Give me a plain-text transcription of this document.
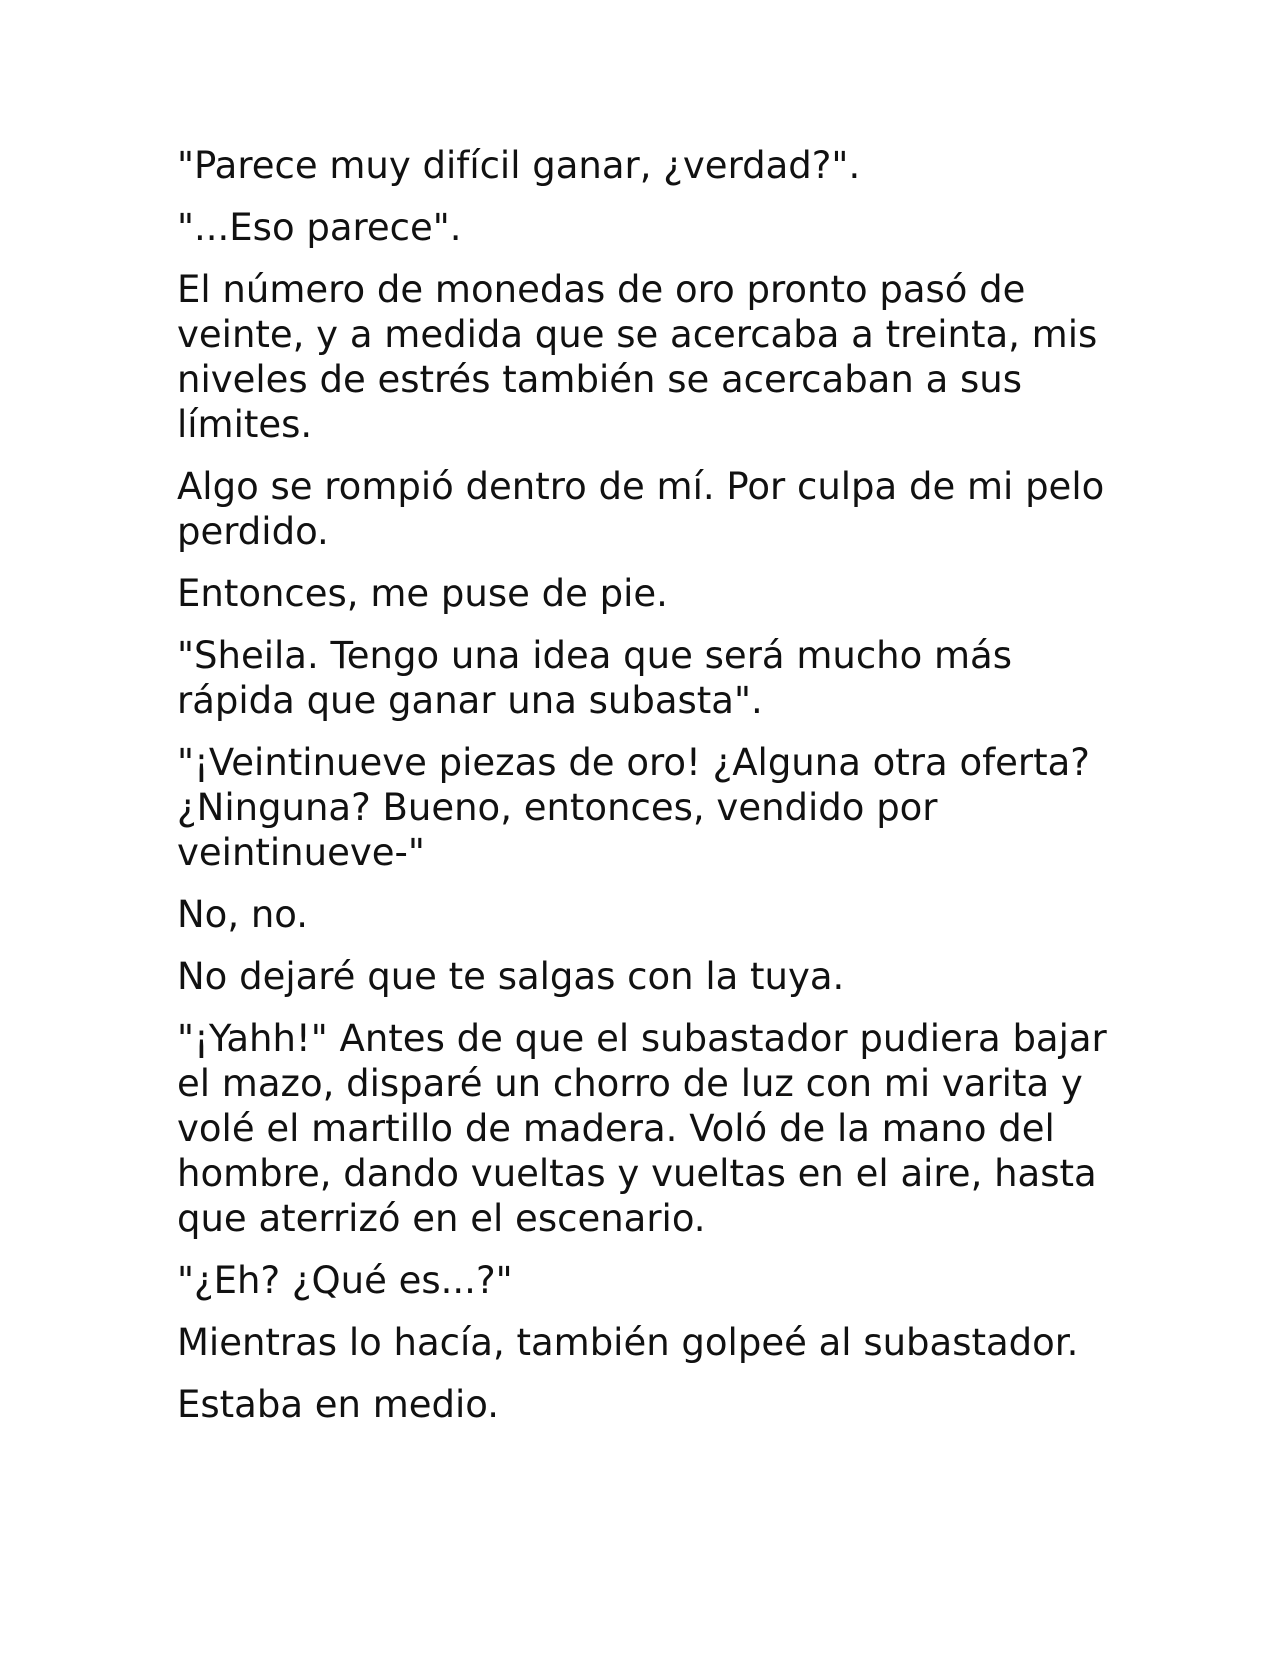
"Parece muy difícil ganar, ¿verdad?".

"...Eso parece".

El número de monedas de oro pronto pasó de veinte, y a medida que se acercaba a treinta, mis niveles de estrés también se acercaban a sus límites.

Algo se rompió dentro de mí. Por culpa de mi pelo perdido.

Entonces, me puse de pie.

"Sheila. Tengo una idea que será mucho más rápida que ganar una subasta".

"¡Veintinueve piezas de oro! ¿Alguna otra oferta? ¿Ninguna? Bueno, entonces, vendido por veintinueve-"

No, no.

No dejaré que te salgas con la tuya.

"¡Yahh!" Antes de que el subastador pudiera bajar el mazo, disparé un chorro de luz con mi varita y volé el martillo de madera. Voló de la mano del hombre, dando vueltas y vueltas en el aire, hasta que aterrizó en el escenario.

"¿Eh? ¿Qué es...?"

Mientras lo hacía, también golpeé al subastador.

Estaba en medio.
